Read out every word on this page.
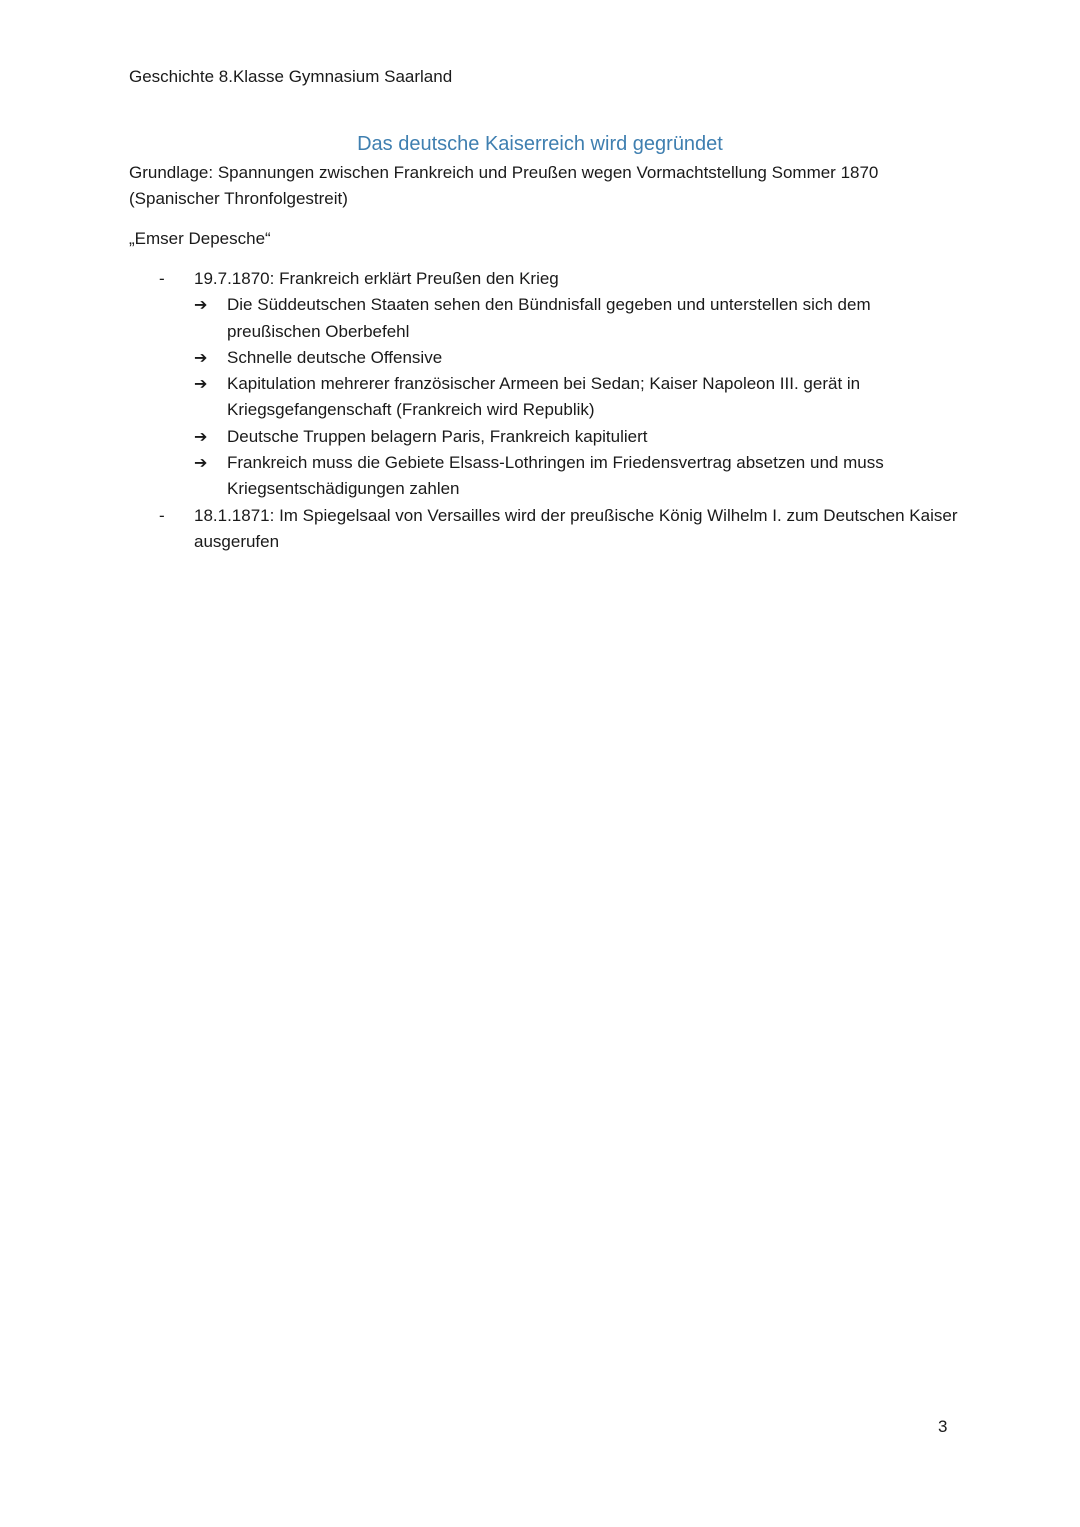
Geschichte 8.Klasse Gymnasium Saarland
Das deutsche Kaiserreich wird gegründet
Grundlage: Spannungen zwischen Frankreich und Preußen wegen Vormachtstellung Sommer 1870 (Spanischer Thronfolgestreit)
„Emser Depesche“
- 19.7.1870: Frankreich erklärt Preußen den Krieg
➔ Die Süddeutschen Staaten sehen den Bündnisfall gegeben und unterstellen sich dem preußischen Oberbefehl
➔ Schnelle deutsche Offensive
➔ Kapitulation mehrerer französischer Armeen bei Sedan; Kaiser Napoleon III. gerät in Kriegsgefangenschaft (Frankreich wird Republik)
➔ Deutsche Truppen belagern Paris, Frankreich kapituliert
➔ Frankreich muss die Gebiete Elsass-Lothringen im Friedensvertrag absetzen und muss Kriegsentschädigungen zahlen
- 18.1.1871: Im Spiegelsaal von Versailles wird der preußische König Wilhelm I. zum Deutschen Kaiser ausgerufen
3
